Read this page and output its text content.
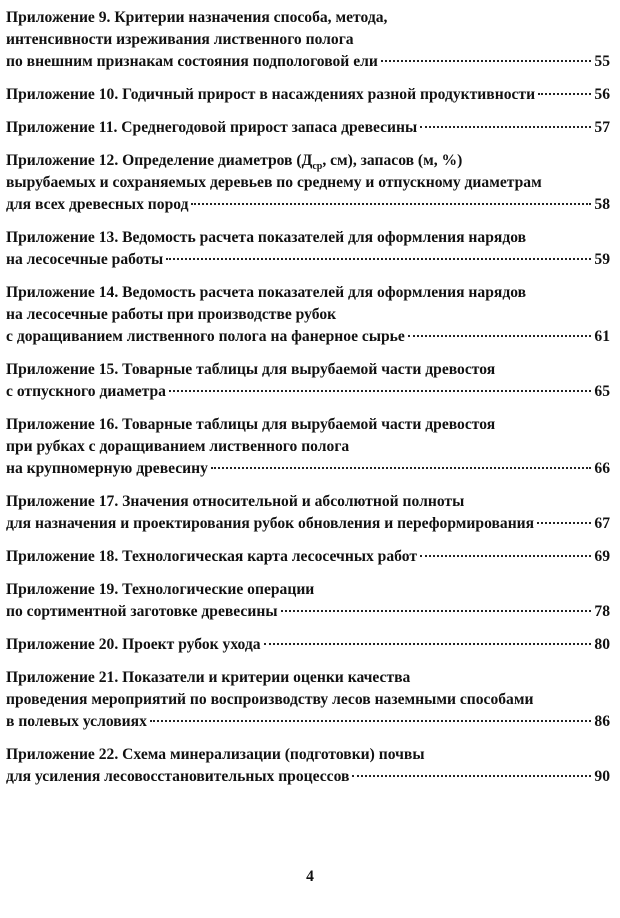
Приложение 9. Критерии назначения способа, метода,
интенсивности изреживания лиственного полога
по внешним признакам состояния подпологовой ели	55
Приложение 10. Годичный прирост в насаждениях разной продуктивности	56
Приложение 11. Среднегодовой прирост запаса древесины	57
Приложение 12. Определение диаметров ($Д_{ср}$, см), запасов (м, %)
вырубаемых и сохраняемых деревьев по среднему и отпускному диаметрам
для всех древесных пород	58
Приложение 13. Ведомость расчета показателей для оформления нарядов
на лесосечные работы	59
Приложение 14. Ведомость расчета показателей для оформления нарядов
на лесосечные работы при производстве рубок
с доращиванием лиственного полога на фанерное сырье	61
Приложение 15. Товарные таблицы для вырубаемой части древостоя
с отпускного диаметра	65
Приложение 16. Товарные таблицы для вырубаемой части древостоя
при рубках с доращиванием лиственного полога
на крупномерную древесину	66
Приложение 17. Значения относительной и абсолютной полноты
для назначения и проектирования рубок обновления и переформирования	67
Приложение 18. Технологическая карта лесосечных работ	69
Приложение 19. Технологические операции
по сортиментной заготовке древесины	78
Приложение 20. Проект рубок ухода	80
Приложение 21. Показатели и критерии оценки качества
проведения мероприятий по воспроизводству лесов наземными способами
в полевых условиях	86
Приложение 22. Схема минерализации (подготовки) почвы
для усиления лесовосстановительных процессов	90
4
